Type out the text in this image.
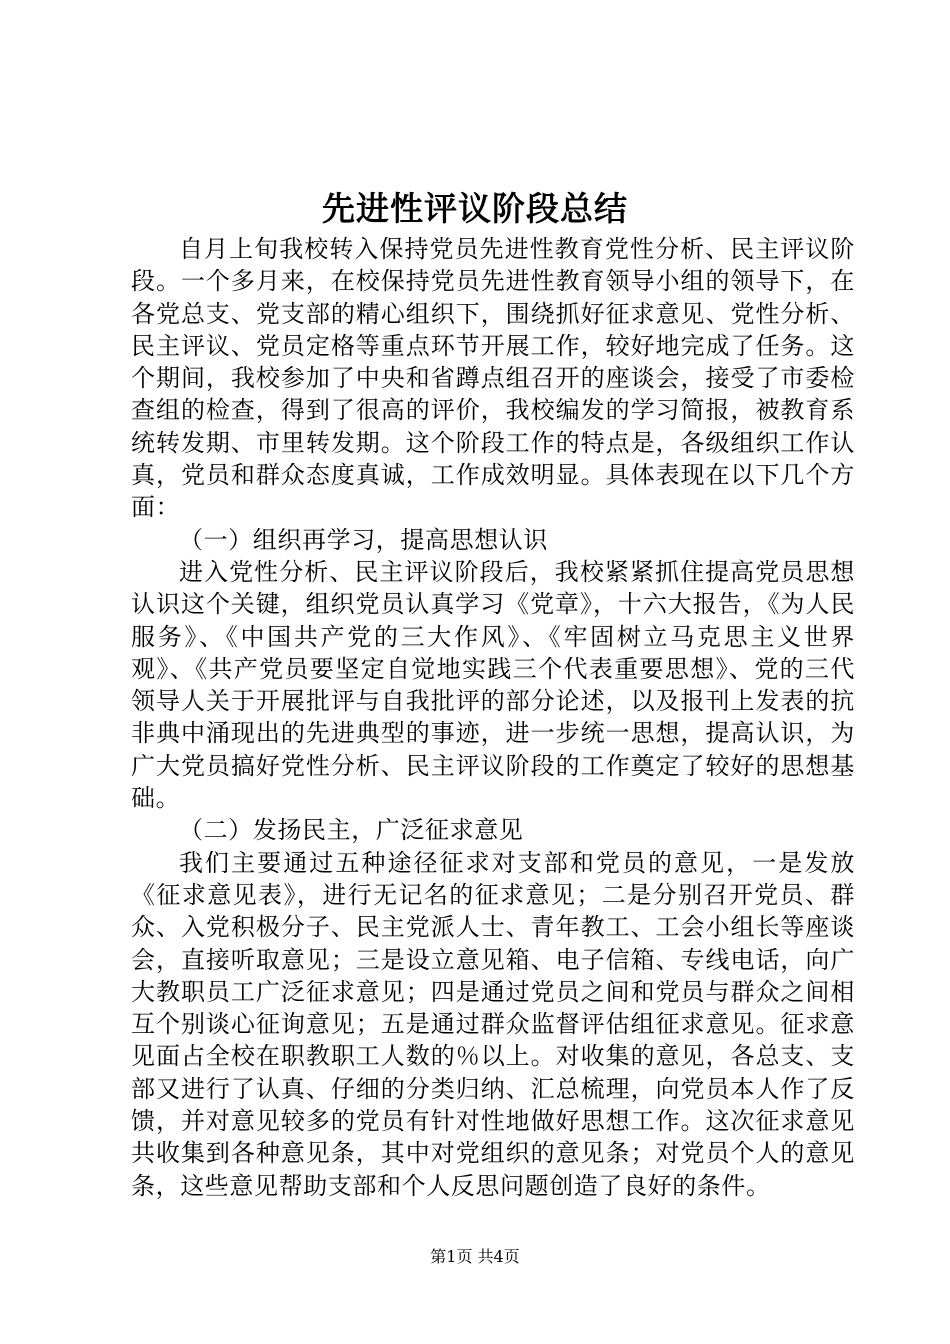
先进性评议阶段总结

自月上旬我校转入保持党员先进性教育党性分析、民主评议阶段。一个多月来，在校保持党员先进性教育领导小组的领导下，在各党总支、党支部的精心组织下，围绕抓好征求意见、党性分析、民主评议、党员定格等重点环节开展工作，较好地完成了任务。这个期间，我校参加了中央和省蹲点组召开的座谈会，接受了市委检查组的检查，得到了很高的评价，我校编发的学习简报，被教育系统转发期、市里转发期。这个阶段工作的特点是，各级组织工作认真，党员和群众态度真诚，工作成效明显。具体表现在以下几个方面：

（一）组织再学习，提高思想认识

进入党性分析、民主评议阶段后，我校紧紧抓住提高党员思想认识这个关键，组织党员认真学习《党章》，十六大报告，《为人民服务》、《中国共产党的三大作风》、《牢固树立马克思主义世界观》、《共产党员要坚定自觉地实践三个代表重要思想》、党的三代领导人关于开展批评与自我批评的部分论述，以及报刊上发表的抗非典中涌现出的先进典型的事迹，进一步统一思想，提高认识，为广大党员搞好党性分析、民主评议阶段的工作奠定了较好的思想基础。

（二）发扬民主，广泛征求意见

我们主要通过五种途径征求对支部和党员的意见，一是发放《征求意见表》，进行无记名的征求意见；二是分别召开党员、群众、入党积极分子、民主党派人士、青年教工、工会小组长等座谈会，直接听取意见；三是设立意见箱、电子信箱、专线电话，向广大教职员工广泛征求意见；四是通过党员之间和党员与群众之间相互个别谈心征询意见；五是通过群众监督评估组征求意见。征求意见面占全校在职教职工人数的％以上。对收集的意见，各总支、支部又进行了认真、仔细的分类归纳、汇总梳理，向党员本人作了反馈，并对意见较多的党员有针对性地做好思想工作。这次征求意见共收集到各种意见条，其中对党组织的意见条；对党员个人的意见条，这些意见帮助支部和个人反思问题创造了良好的条件。

第1页 共4页
